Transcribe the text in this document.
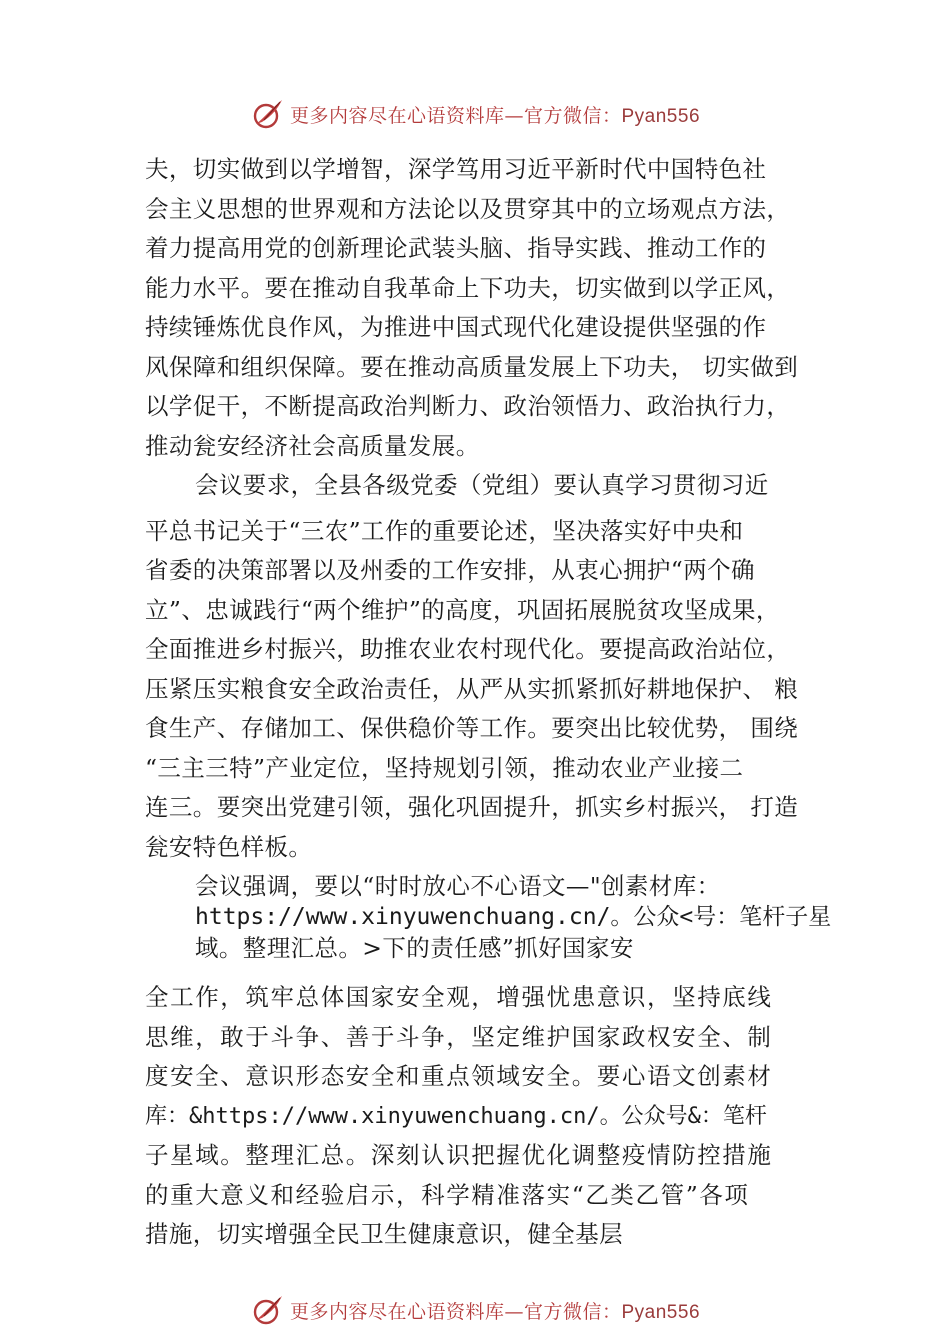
更多内容尽在心语资料库—官方微信：Pyan556
夫，切实做到以学增智，深学笃用习近平新时代中国特色社
会主义思想的世界观和方法论以及贯穿其中的立场观点方法，
着力提高用党的创新理论武装头脑、指导实践、推动工作的
能力水平。要在推动自我革命上下功夫，切实做到以学正风，
持续锤炼优良作风，为推进中国式现代化建设提供坚强的作
风保障和组织保障。要在推动高质量发展上下功夫， 切实做到
以学促干，不断提高政治判断力、政治领悟力、政治执行力，
推动瓮安经济社会高质量发展。
会议要求，全县各级党委（党组）要认真学习贯彻习近
平总书记关于“三农”工作的重要论述，坚决落实好中央和
省委的决策部署以及州委的工作安排，从衷心拥护“两个确
立”、忠诚践行“两个维护”的高度，巩固拓展脱贫攻坚成果，
全面推进乡村振兴，助推农业农村现代化。要提高政治站位，
压紧压实粮食安全政治责任，从严从实抓紧抓好耕地保护、 粮
食生产、存储加工、保供稳价等工作。要突出比较优势， 围绕
“三主三特”产业定位，坚持规划引领，推动农业产业接二
连三。要突出党建引领，强化巩固提升，抓实乡村振兴， 打造
瓮安特色样板。
会议强调，要以“时时放心不心语文—"创素材库：
https://www.xinyuwenchuang.cn/。公众<号：笔杆子星
域。整理汇总。>下的责任感”抓好国家安
全工作，筑牢总体国家安全观，增强忧患意识，坚持底线
思维，敢于斗争、善于斗争，坚定维护国家政权安全、制
度安全、意识形态安全和重点领域安全。要心语文创素材
库：&https://www.xinyuwenchuang.cn/。公众号&：笔杆
子星域。整理汇总。深刻认识把握优化调整疫情防控措施
的重大意义和经验启示，科学精准落实“乙类乙管”各项
措施，切实增强全民卫生健康意识，健全基层
更多内容尽在心语资料库—官方微信：Pyan556
